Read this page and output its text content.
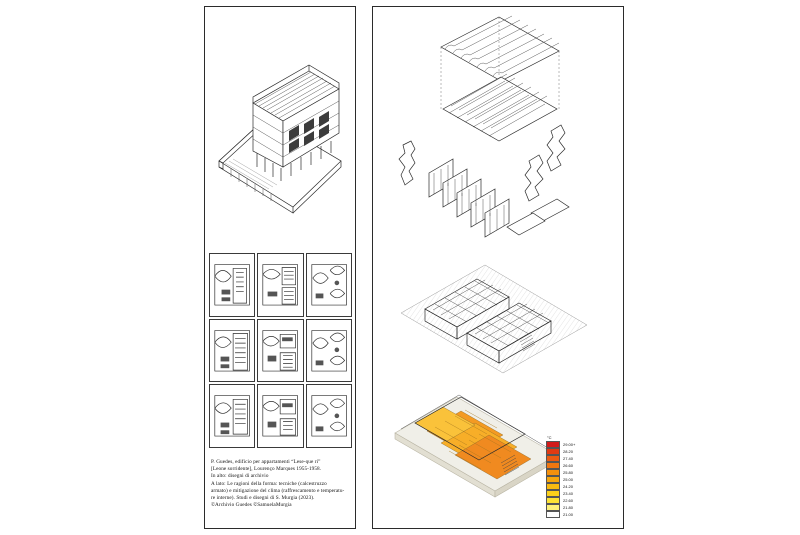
P. Guedes, edificio per appartamenti “Lese-que ri”
[Leone sorridente], Lourenço Marques 1955-1958.
In alto: disegni di archivio
A lato: Le ragioni della forma: tecniche (calcestruzzo
armato) e mitigazione del clima (raffrescamento e temperatu-
re interne). Studi e disegni di S. Murgia (2023).
©Archivio Guedes ©SamuelaMurgia
°C
29.00+
28.20
27.40
26.60
25.80
25.00
24.20
23.40
22.60
21.80
21.00
